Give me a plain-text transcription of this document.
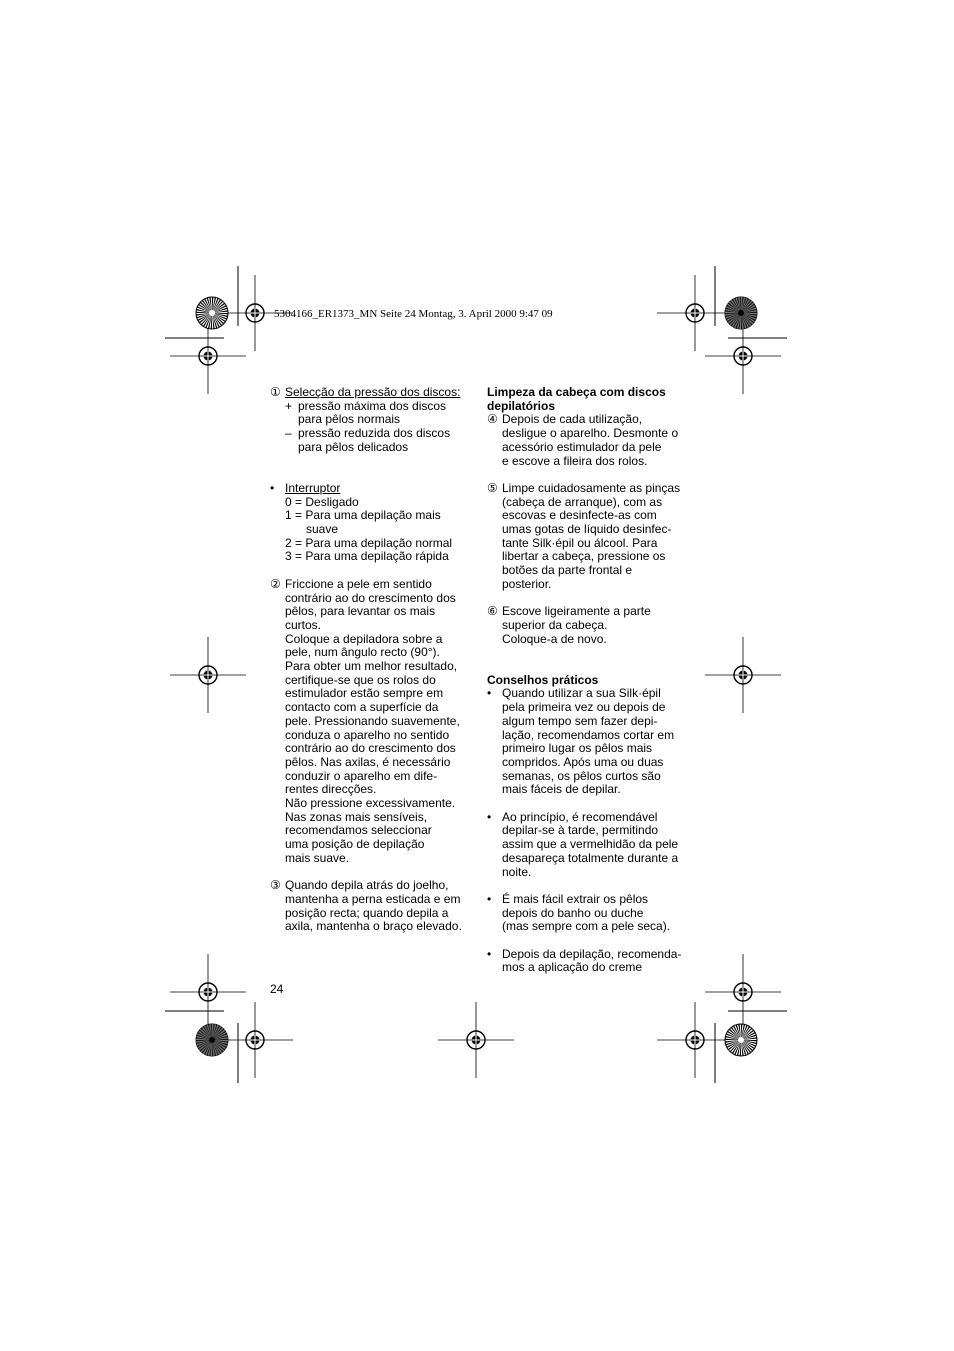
5304166_ER1373_MN Seite 24 Montag, 3. April 2000 9:47 09
① Selecção da pressão dos discos:

+ pressão máxima dos discos

para pêlos normais

– pressão reduzida dos discos

para pêlos delicados

• Interruptor

0 = Desligado

1 = Para uma depilação mais

suave

2 = Para uma depilação normal

3 = Para uma depilação rápida

② Friccione a pele em sentido

contrário ao do crescimento dos

pêlos, para levantar os mais

curtos.

Coloque a depiladora sobre a

pele, num ângulo recto (90°).

Para obter um melhor resultado,

certifique-se que os rolos do

estimulador estão sempre em

contacto com a superfície da

pele. Pressionando suavemente,

conduza o aparelho no sentido

contrário ao do crescimento dos

pêlos. Nas axilas, é necessário

conduzir o aparelho em dife-

rentes direcções.

Não pressione excessivamente.

Nas zonas mais sensíveis,

recomendamos seleccionar

uma posição de depilação

mais suave.

③ Quando depila atrás do joelho,

mantenha a perna esticada e em

posição recta; quando depila a

axila, mantenha o braço elevado.

Limpeza da cabeça com discos

depilatórios

④ Depois de cada utilização,

desligue o aparelho. Desmonte o

acessório estimulador da pele

e escove a fileira dos rolos.

⑤ Limpe cuidadosamente as pinças

(cabeça de arranque), com as

escovas e desinfecte-as com

umas gotas de líquido desinfec-

tante Silk·épil ou álcool. Para

libertar a cabeça, pressione os

botões da parte frontal e

posterior.

⑥ Escove ligeiramente a parte

superior da cabeça.

Coloque-a de novo.

Conselhos práticos

• Quando utilizar a sua Silk·épil

pela primeira vez ou depois de

algum tempo sem fazer depi-

lação, recomendamos cortar em

primeiro lugar os pêlos mais

compridos. Após uma ou duas

semanas, os pêlos curtos são

mais fáceis de depilar.

• Ao princípio, é recomendável

depilar-se à tarde, permitindo

assim que a vermelhidão da pele

desapareça totalmente durante a

noite.

• É mais fácil extrair os pêlos

depois do banho ou duche

(mas sempre com a pele seca).

• Depois da depilação, recomenda-

mos a aplicação do creme

24
